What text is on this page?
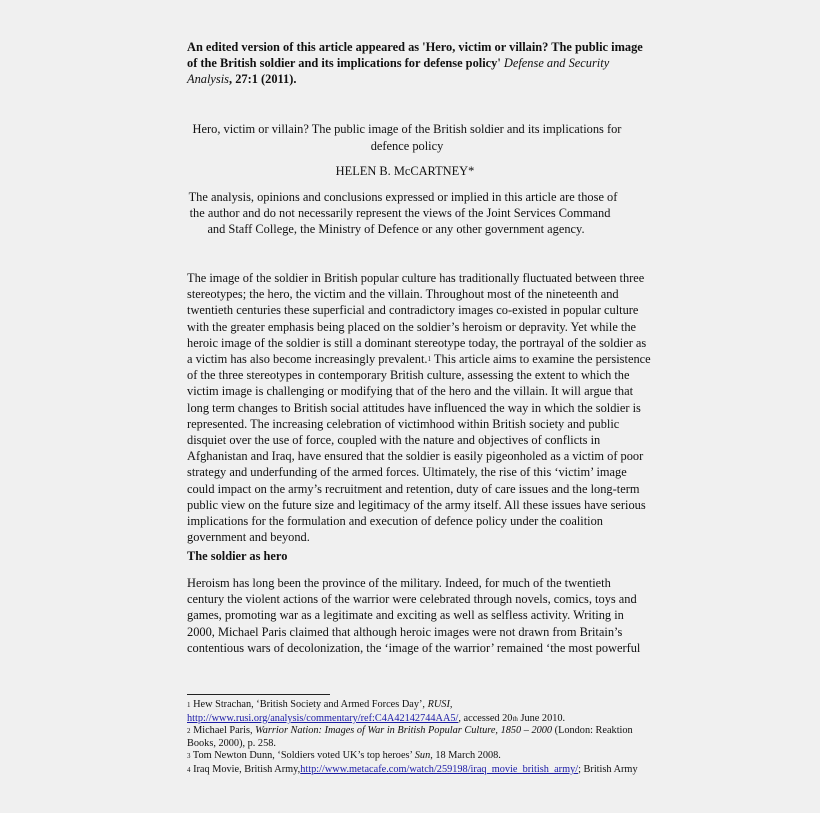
An edited version of this article appeared as 'Hero, victim or villain? The public image
of the British soldier and its implications for defense policy' Defense and Security
Analysis, 27:1 (2011).
Hero, victim or villain? The public image of the British soldier and its implications for
defence policy
HELEN B. McCARTNEY*
The analysis, opinions and conclusions expressed or implied in this article are those of
the author and do not necessarily represent the views of the Joint Services Command
and Staff College, the Ministry of Defence or any other government agency.
The image of the soldier in British popular culture has traditionally fluctuated between three
stereotypes; the hero, the victim and the villain. Throughout most of the nineteenth and
twentieth centuries these superficial and contradictory images co-existed in popular culture
with the greater emphasis being placed on the soldier’s heroism or depravity. Yet while the
heroic image of the soldier is still a dominant stereotype today, the portrayal of the soldier as
a victim has also become increasingly prevalent.$^1$ This article aims to examine the persistence
of the three stereotypes in contemporary British culture, assessing the extent to which the
victim image is challenging or modifying that of the hero and the villain. It will argue that
long term changes to British social attitudes have influenced the way in which the soldier is
represented. The increasing celebration of victimhood within British society and public
disquiet over the use of force, coupled with the nature and objectives of conflicts in
Afghanistan and Iraq, have ensured that the soldier is easily pigeonholed as a victim of poor
strategy and underfunding of the armed forces. Ultimately, the rise of this ‘victim’ image
could impact on the army’s recruitment and retention, duty of care issues and the long-term
public view on the future size and legitimacy of the army itself. All these issues have serious
implications for the formulation and execution of defence policy under the coalition
government and beyond.
The soldier as hero
Heroism has long been the province of the military. Indeed, for much of the twentieth
century the violent actions of the warrior were celebrated through novels, comics, toys and
games, promoting war as a legitimate and exciting as well as selfless activity. Writing in
2000, Michael Paris claimed that although heroic images were not drawn from Britain’s
contentious wars of decolonization, the ‘image of the warrior’ remained ‘the most powerful
$^1$ Hew Strachan, ‘British Society and Armed Forces Day’, RUSI,
http://www.rusi.org/analysis/commentary/ref:C4A42142744AA5/, accessed 20th June 2010.
$^2$ Michael Paris, Warrior Nation: Images of War in British Popular Culture, 1850 – 2000 (London: Reaktion
Books, 2000), p. 258.
$^3$ Tom Newton Dunn, ‘Soldiers voted UK’s top heroes’ Sun, 18 March 2008.
$^4$ Iraq Movie, British Army,http://www.metacafe.com/watch/259198/iraq_movie_british_army/; British Army
